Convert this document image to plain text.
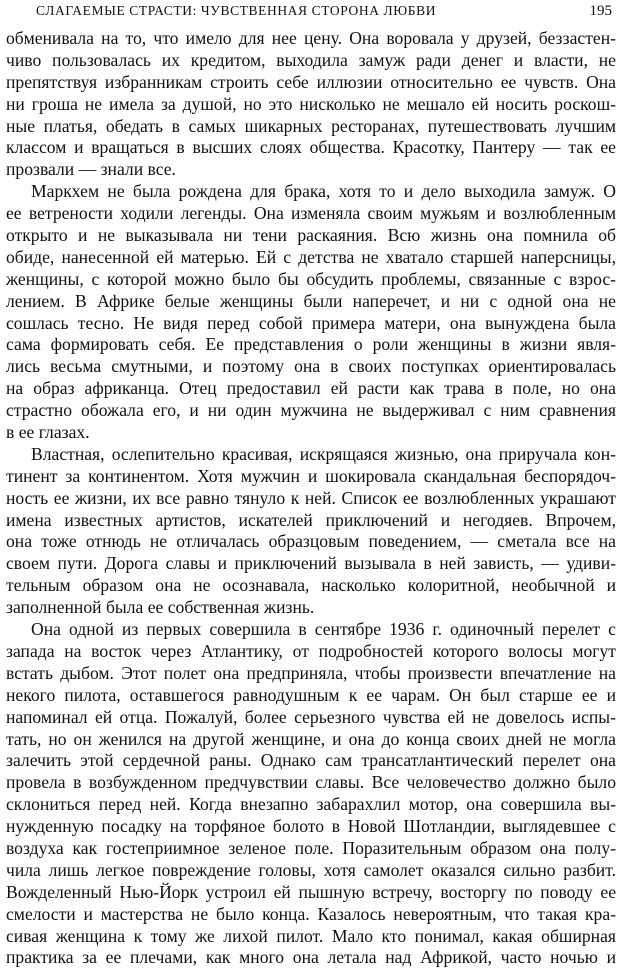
СЛАГАЕМЫЕ СТРАСТИ: ЧУВСТВЕННАЯ СТОРОНА ЛЮБВИ	195
обменивала на то, что имело для нее цену. Она воровала у друзей, беззастен-
чиво пользовалась их кредитом, выходила замуж ради денег и власти, не
препятствуя избранникам строить себе иллюзии относительно ее чувств. Она
ни гроша не имела за душой, но это нисколько не мешало ей носить роскош-
ные платья, обедать в самых шикарных ресторанах, путешествовать лучшим
классом и вращаться в высших слоях общества. Красотку, Пантеру — так ее
прозвали — знали все.
Маркхем не была рождена для брака, хотя то и дело выходила замуж. О
ее ветрености ходили легенды. Она изменяла своим мужьям и возлюбленным
открыто и не выказывала ни тени раскаяния. Всю жизнь она помнила об
обиде, нанесенной ей матерью. Ей с детства не хватало старшей наперсницы,
женщины, с которой можно было бы обсудить проблемы, связанные с взрос-
лением. В Африке белые женщины были наперечет, и ни с одной она не
сошлась тесно. Не видя перед собой примера матери, она вынуждена была
сама формировать себя. Ее представления о роли женщины в жизни явля-
лись весьма смутными, и поэтому она в своих поступках ориентировалась
на образ африканца. Отец предоставил ей расти как трава в поле, но она
страстно обожала его, и ни один мужчина не выдерживал с ним сравнения
в ее глазах.
Властная, ослепительно красивая, искрящаяся жизнью, она приручала кон-
тинент за континентом. Хотя мужчин и шокировала скандальная беспорядоч-
ность ее жизни, их все равно тянуло к ней. Список ее возлюбленных украшают
имена известных артистов, искателей приключений и негодяев. Впрочем,
она тоже отнюдь не отличалась образцовым поведением, — сметала все на
своем пути. Дорога славы и приключений вызывала в ней зависть, — удиви-
тельным образом она не осознавала, насколько колоритной, необычной и
заполненной была ее собственная жизнь.
Она одной из первых совершила в сентябре 1936 г. одиночный перелет с
запада на восток через Атлантику, от подробностей которого волосы могут
встать дыбом. Этот полет она предприняла, чтобы произвести впечатление на
некого пилота, оставшегося равнодушным к ее чарам. Он был старше ее и
напоминал ей отца. Пожалуй, более серьезного чувства ей не довелось испы-
тать, но он женился на другой женщине, и она до конца своих дней не могла
залечить этой сердечной раны. Однако сам трансатлантический перелет она
провела в возбужденном предчувствии славы. Все человечество должно было
склониться перед ней. Когда внезапно забарахлил мотор, она совершила вы-
нужденную посадку на торфяное болото в Новой Шотландии, выглядевшее с
воздуха как гостеприимное зеленое поле. Поразительным образом она полу-
чила лишь легкое повреждение головы, хотя самолет оказался сильно разбит.
Вожделенный Нью-Йорк устроил ей пышную встречу, восторгу по поводу ее
смелости и мастерства не было конца. Казалось невероятным, что такая кра-
сивая женщина к тому же лихой пилот. Мало кто понимал, какая обширная
практика за ее плечами, как много она летала над Африкой, часто ночью и
